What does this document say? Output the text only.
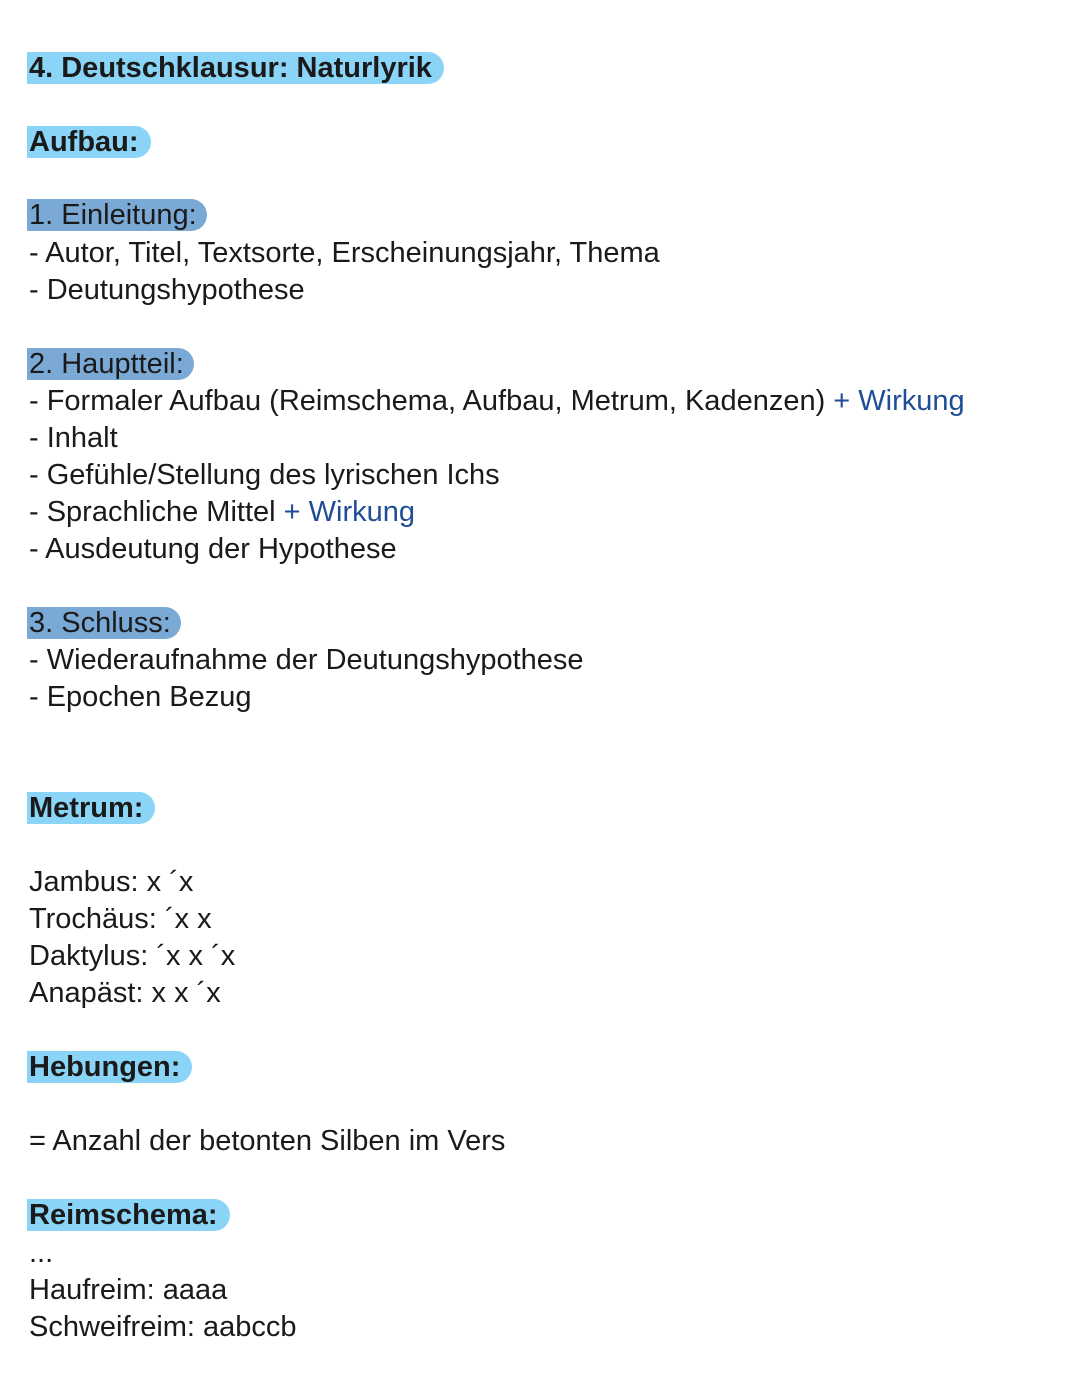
4. Deutschklausur: Naturlyrik
Aufbau:
1. Einleitung:
- Autor, Titel, Textsorte, Erscheinungsjahr, Thema
- Deutungshypothese
2. Hauptteil:
- Formaler Aufbau (Reimschema, Aufbau, Metrum, Kadenzen) + Wirkung
- Inhalt
- Gefühle/Stellung des lyrischen Ichs
- Sprachliche Mittel + Wirkung
- Ausdeutung der Hypothese
3. Schluss:
- Wiederaufnahme der Deutungshypothese
- Epochen Bezug
Metrum:
Jambus: x ´x
Trochäus: ´x x
Daktylus: ´x x ´x
Anapäst: x x ´x
Hebungen:
= Anzahl der betonten Silben im Vers
Reimschema:
...
Haufreim: aaaa
Schweifreim: aabccb
